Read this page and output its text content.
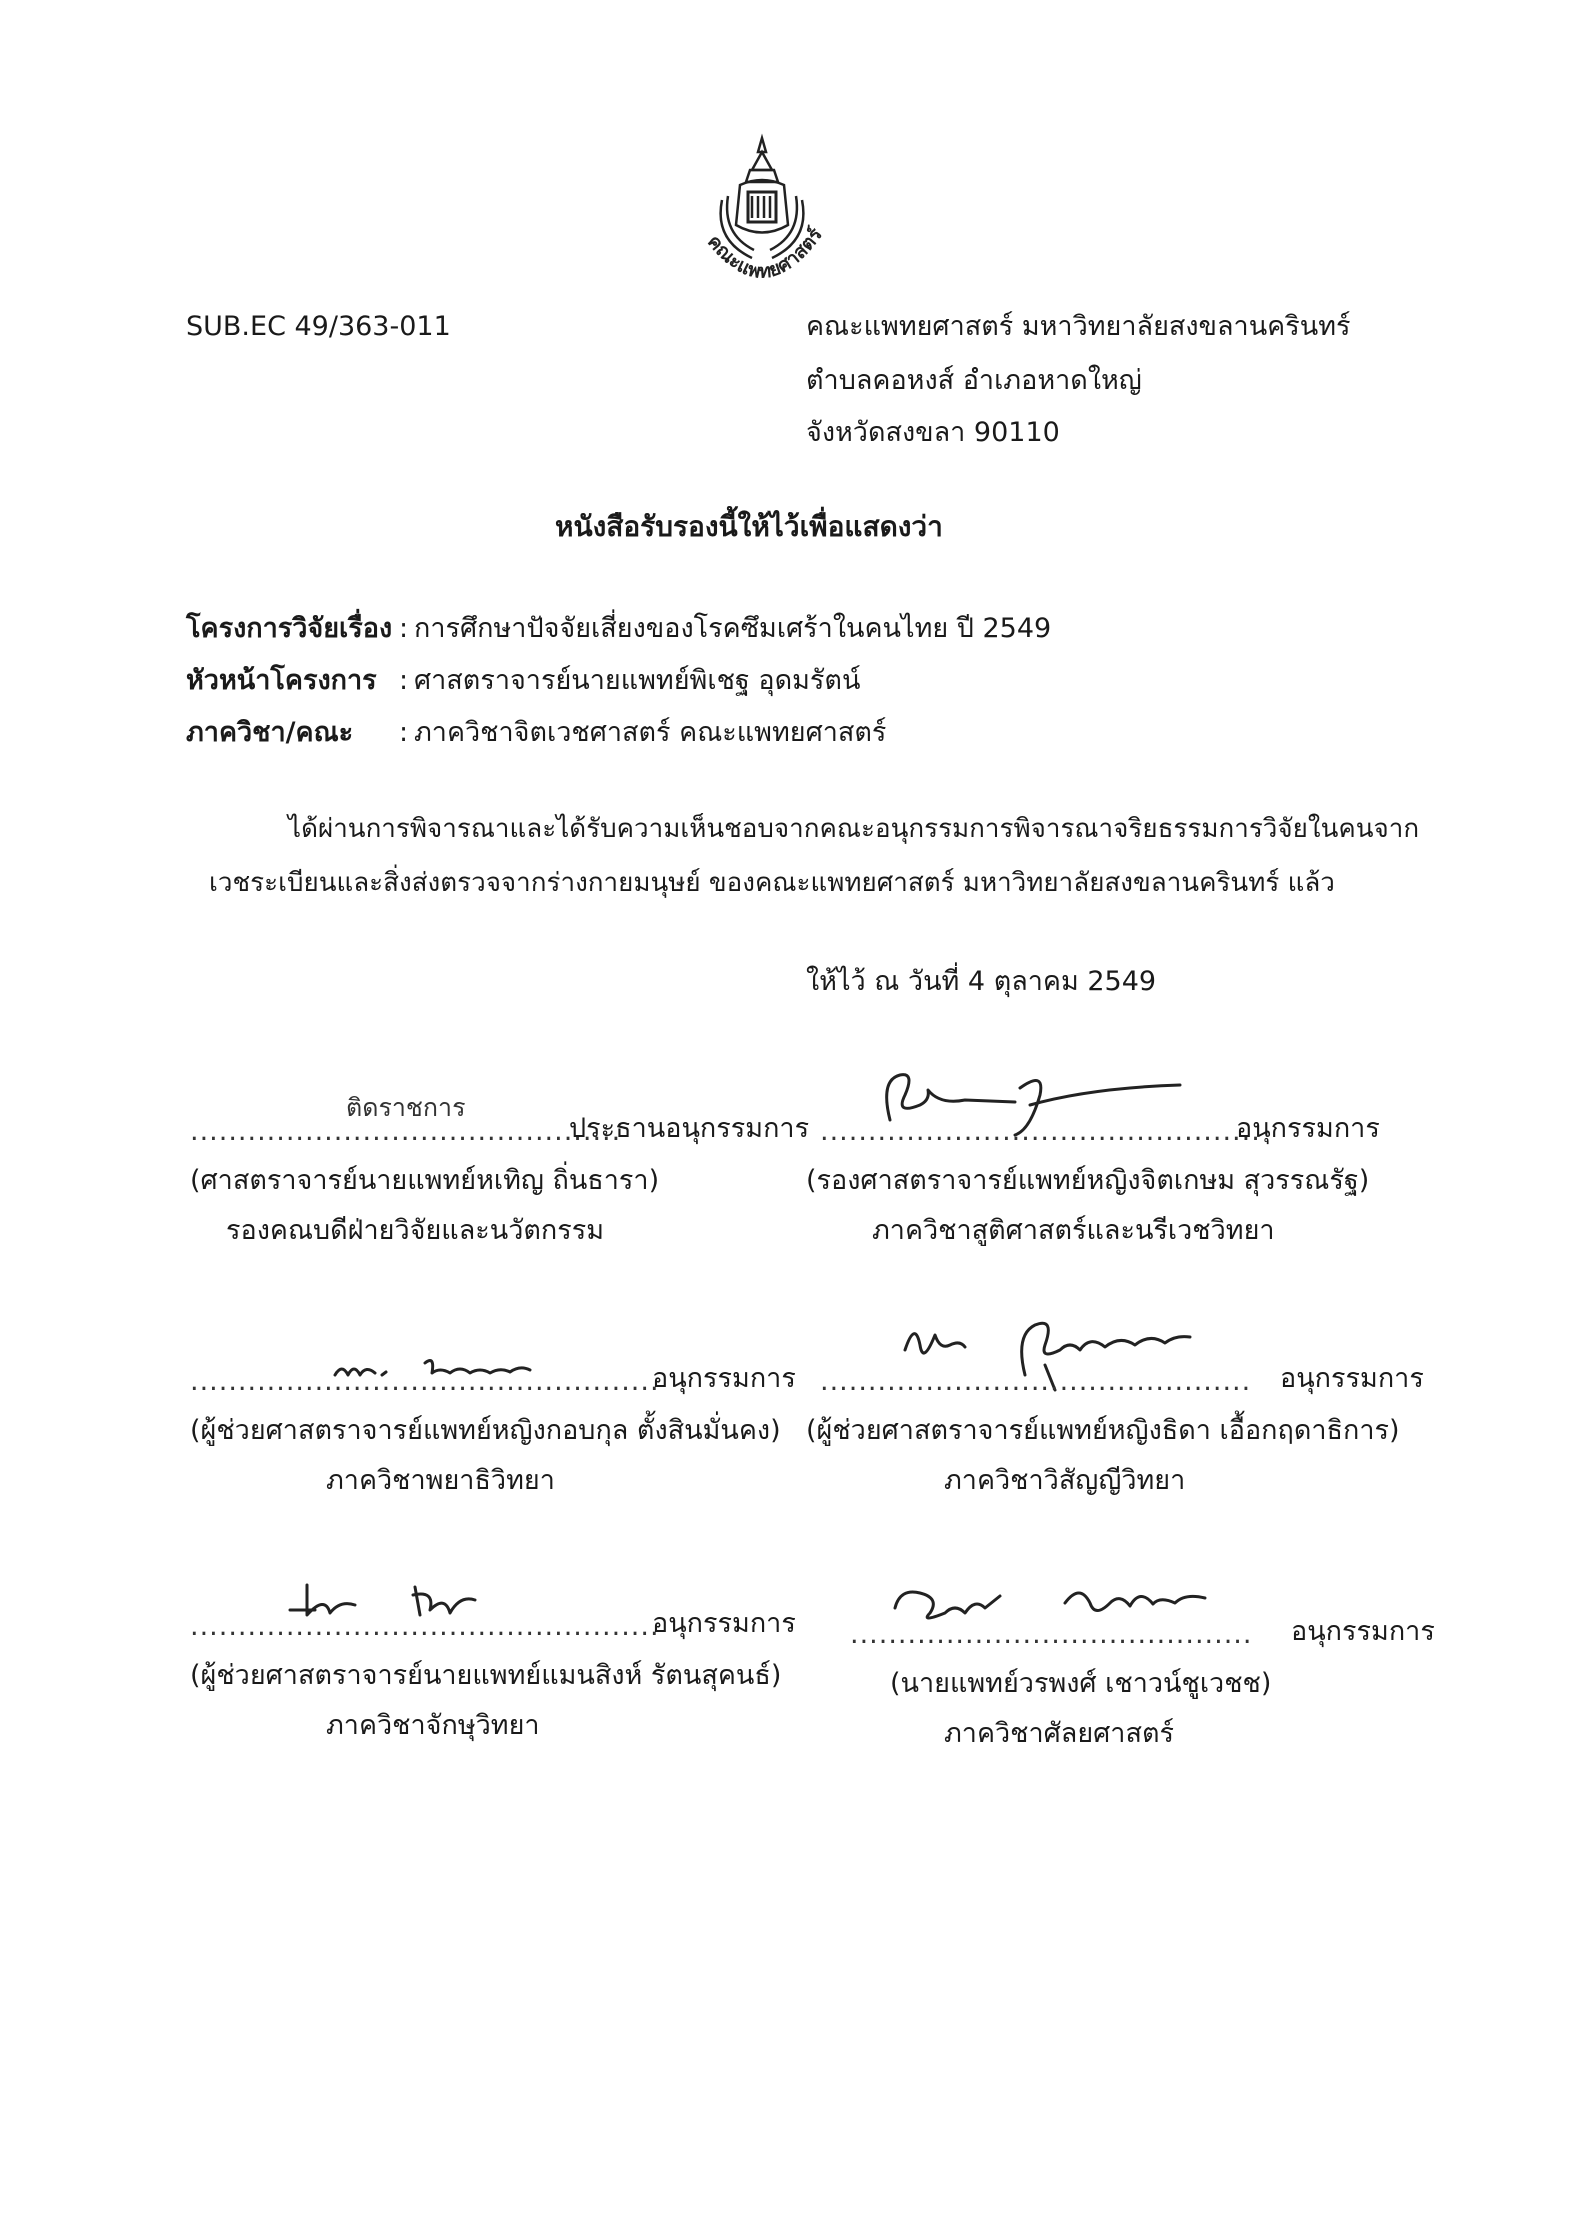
คณะแพทยศาสตร์
SUB.EC 49/363-011	คณะแพทยศาสตร์ มหาวิทยาลัยสงขลานครินทร์
ตำบลคอหงส์ อำเภอหาดใหญ่
จังหวัดสงขลา 90110
หนังสือรับรองนี้ให้ไว้เพื่อแสดงว่า
โครงการวิจัยเรื่อง : การศึกษาปัจจัยเสี่ยงของโรคซึมเศร้าในคนไทย ปี 2549
หัวหน้าโครงการ : ศาสตราจารย์นายแพทย์พิเชฐ อุดมรัตน์
ภาควิชา/คณะ : ภาควิชาจิตเวชศาสตร์ คณะแพทยศาสตร์
ได้ผ่านการพิจารณาและได้รับความเห็นชอบจากคณะอนุกรรมการพิจารณาจริยธรรมการวิจัยในคนจาก
เวชระเบียนและสิ่งส่งตรวจจากร่างกายมนุษย์ ของคณะแพทยศาสตร์ มหาวิทยาลัยสงขลานครินทร์ แล้ว
ให้ไว้ ณ วันที่ 4 ตุลาคม 2549
ติดราชการ
.............................................
ประธานอนุกรรมการ
(ศาสตราจารย์นายแพทย์หเทิญ ถิ่นธารา)
รองคณบดีฝ่ายวิจัยและนวัตกรรม
..............................................
อนุกรรมการ
(รองศาสตราจารย์แพทย์หญิงจิตเกษม สุวรรณรัฐ)
ภาควิชาสูติศาสตร์และนรีเวชวิทยา
.................................................
อนุกรรมการ
(ผู้ช่วยศาสตราจารย์แพทย์หญิงกอบกุล ตั้งสินมั่นคง)
ภาควิชาพยาธิวิทยา
............................................. อนุกรรมการ
(ผู้ช่วยศาสตราจารย์แพทย์หญิงธิดา เอื้อกฤดาธิการ)
ภาควิชาวิสัญญีวิทยา
.................................................
อนุกรรมการ
(ผู้ช่วยศาสตราจารย์นายแพทย์แมนสิงห์ รัตนสุคนธ์)
ภาควิชาจักษุวิทยา
.......................................... อนุกรรมการ
(นายแพทย์วรพงศ์ เชาวน์ชูเวชช)
ภาควิชาศัลยศาสตร์
